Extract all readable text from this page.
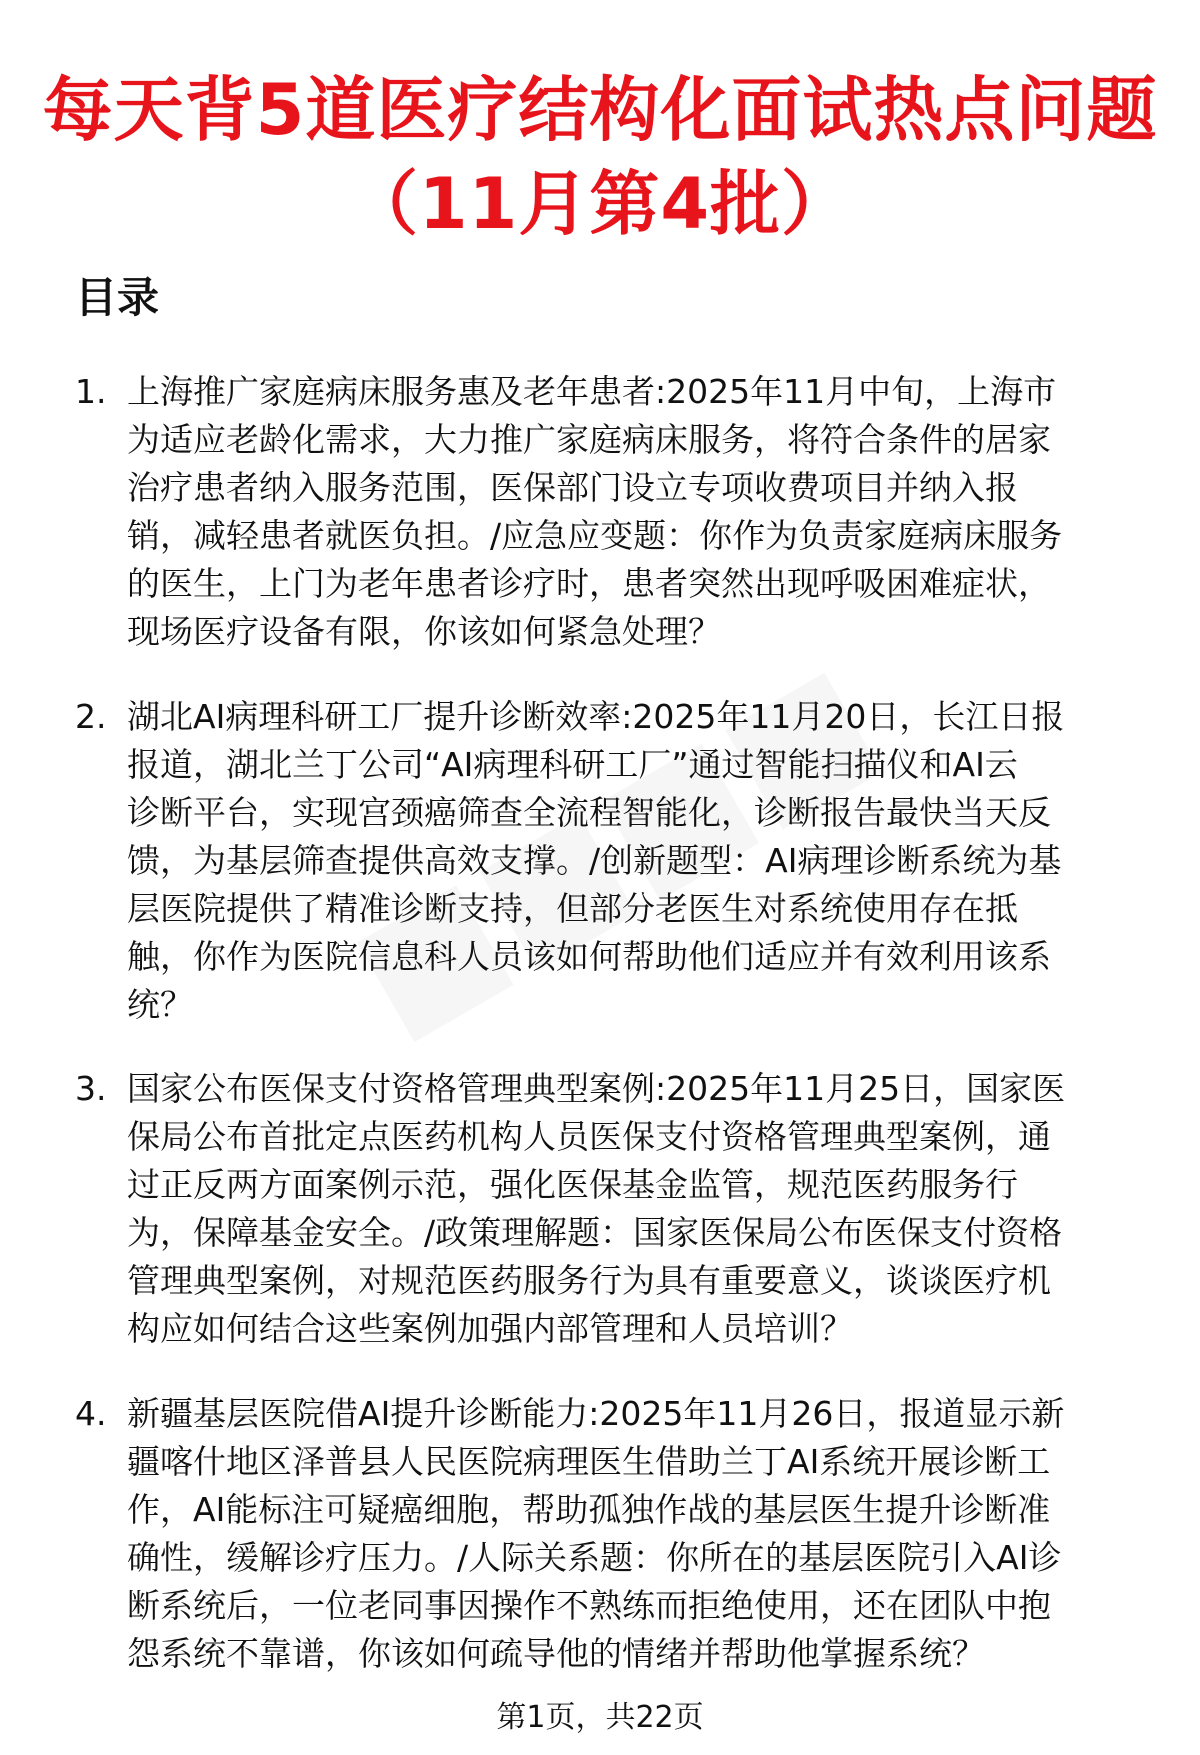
每天背5道医疗结构化面试热点问题
（11月第4批）
目录
1. 上海推广家庭病床服务惠及老年患者:2025年11月中旬，上海市
为适应老龄化需求，大力推广家庭病床服务，将符合条件的居家
治疗患者纳入服务范围，医保部门设立专项收费项目并纳入报
销，减轻患者就医负担。/应急应变题：你作为负责家庭病床服务
的医生，上门为老年患者诊疗时，患者突然出现呼吸困难症状，
现场医疗设备有限，你该如何紧急处理？
2. 湖北AI病理科研工厂提升诊断效率:2025年11月20日，长江日报
报道，湖北兰丁公司“AI病理科研工厂”通过智能扫描仪和AI云
诊断平台，实现宫颈癌筛查全流程智能化，诊断报告最快当天反
馈，为基层筛查提供高效支撑。/创新题型：AI病理诊断系统为基
层医院提供了精准诊断支持，但部分老医生对系统使用存在抵
触，你作为医院信息科人员该如何帮助他们适应并有效利用该系
统？
3. 国家公布医保支付资格管理典型案例:2025年11月25日，国家医
保局公布首批定点医药机构人员医保支付资格管理典型案例，通
过正反两方面案例示范，强化医保基金监管，规范医药服务行
为，保障基金安全。/政策理解题：国家医保局公布医保支付资格
管理典型案例，对规范医药服务行为具有重要意义，谈谈医疗机
构应如何结合这些案例加强内部管理和人员培训？
4. 新疆基层医院借AI提升诊断能力:2025年11月26日，报道显示新
疆喀什地区泽普县人民医院病理医生借助兰丁AI系统开展诊断工
作，AI能标注可疑癌细胞，帮助孤独作战的基层医生提升诊断准
确性，缓解诊疗压力。/人际关系题：你所在的基层医院引入AI诊
断系统后，一位老同事因操作不熟练而拒绝使用，还在团队中抱
怨系统不靠谱，你该如何疏导他的情绪并帮助他掌握系统？
第1页，共22页
